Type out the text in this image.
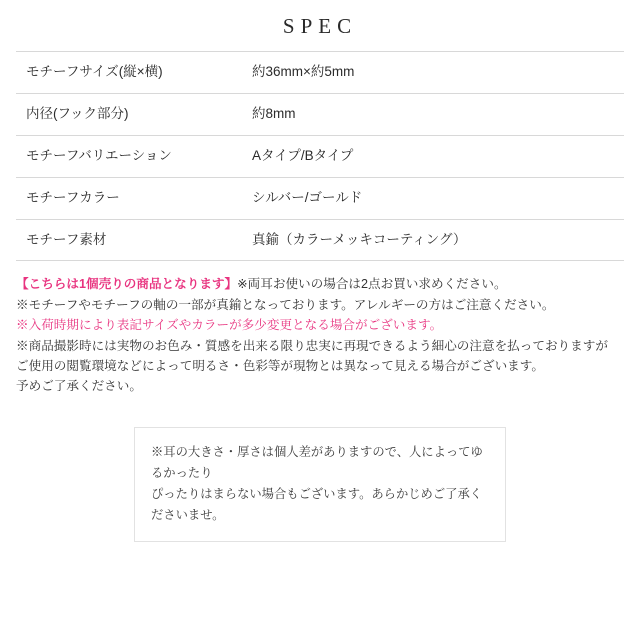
SPEC
モチーフサイズ(縦×横)	約36mm×約5mm
内径(フック部分)	約8mm
モチーフバリエーション	Aタイプ/Bタイプ
モチーフカラー	シルバー/ゴールド
モチーフ素材	真鍮（カラーメッキコーティング）
【こちらは1個売りの商品となります】※両耳お使いの場合は2点お買い求めください。
※モチーフやモチーフの軸の一部が真鍮となっております。アレルギーの方はご注意ください。
※入荷時期により表記サイズやカラーが多少変更となる場合がございます。
※商品撮影時には実物のお色み・質感を出来る限り忠実に再現できるよう細心の注意を払っておりますが
ご使用の閲覧環境などによって明るさ・色彩等が現物とは異なって見える場合がございます。
予めご了承ください。
※耳の大きさ・厚さは個人差がありますので、人によってゆるかったり
ぴったりはまらない場合もございます。あらかじめご了承くださいませ。
